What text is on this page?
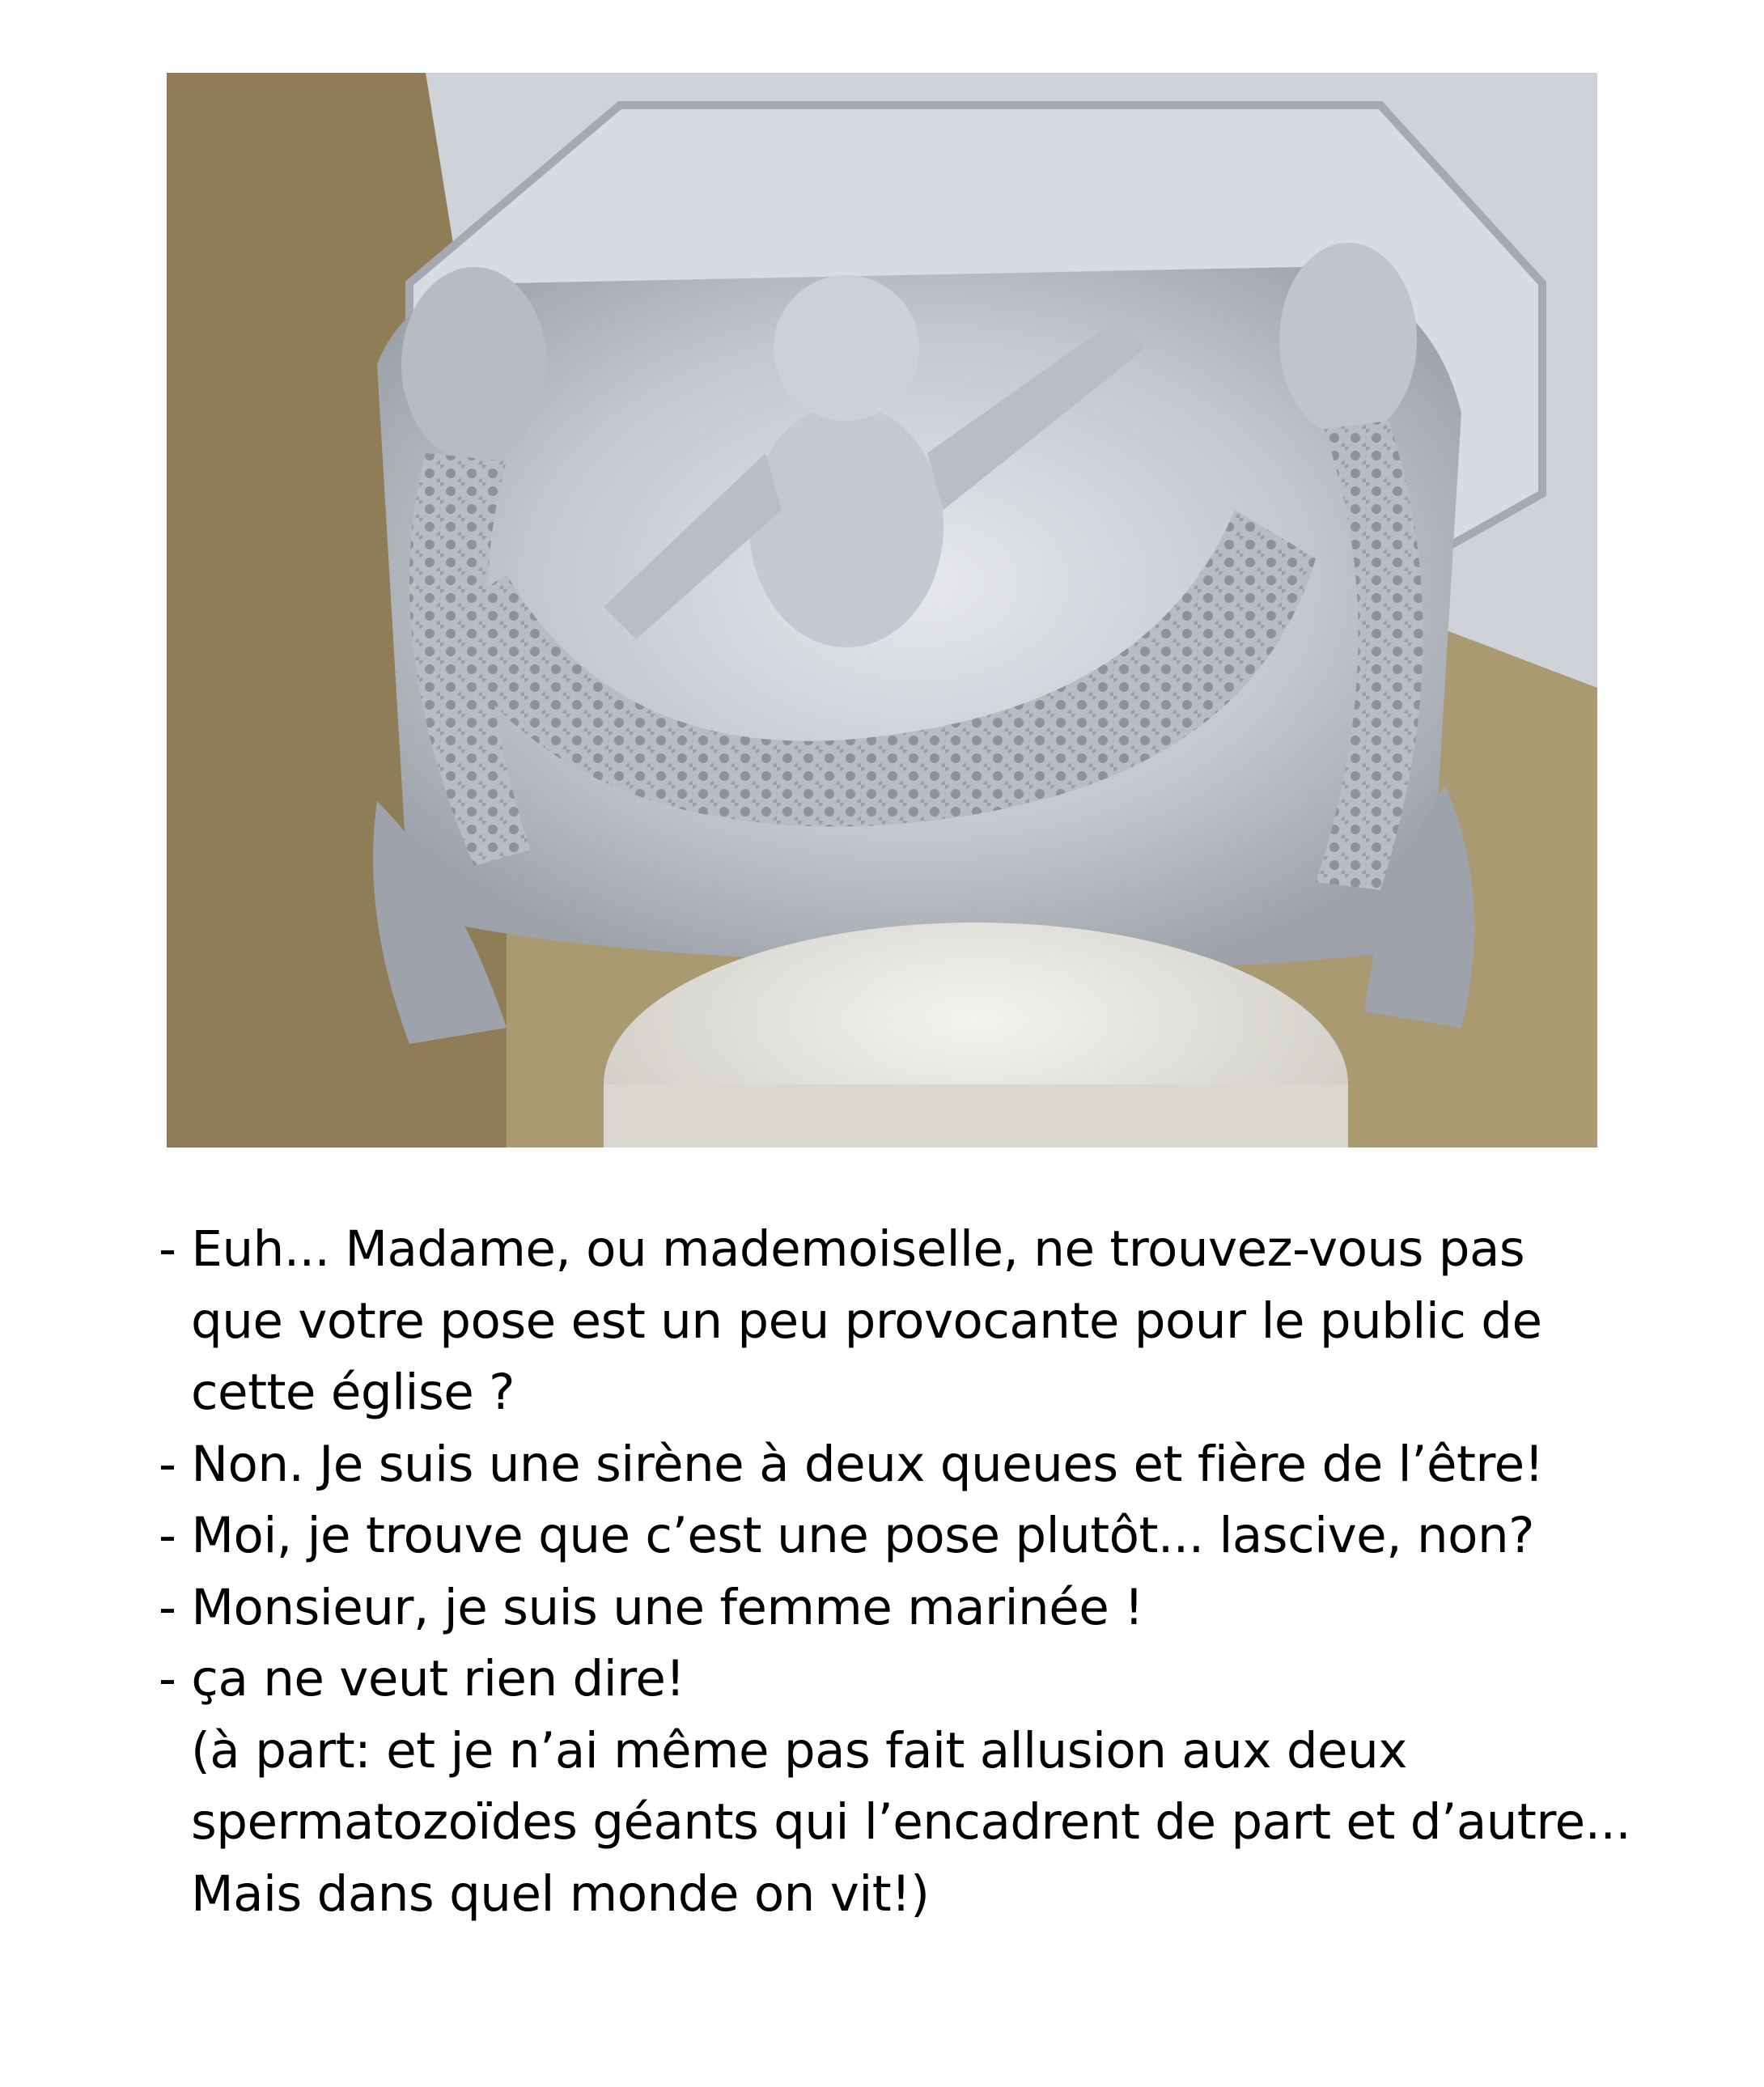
- Euh... Madame, ou mademoiselle, ne trouvez-vous pas
que votre pose est un peu provocante pour le public de
cette église ?
- Non. Je suis une sirène à deux queues et fière de l’être!
- Moi, je trouve que c’est une pose plutôt... lascive, non?
- Monsieur, je suis une femme marinée !
- ça ne veut rien dire!
(à part: et je n’ai même pas fait allusion aux deux
spermatozoïdes géants qui l’encadrent de part et d’autre...
Mais dans quel monde on vit!)
